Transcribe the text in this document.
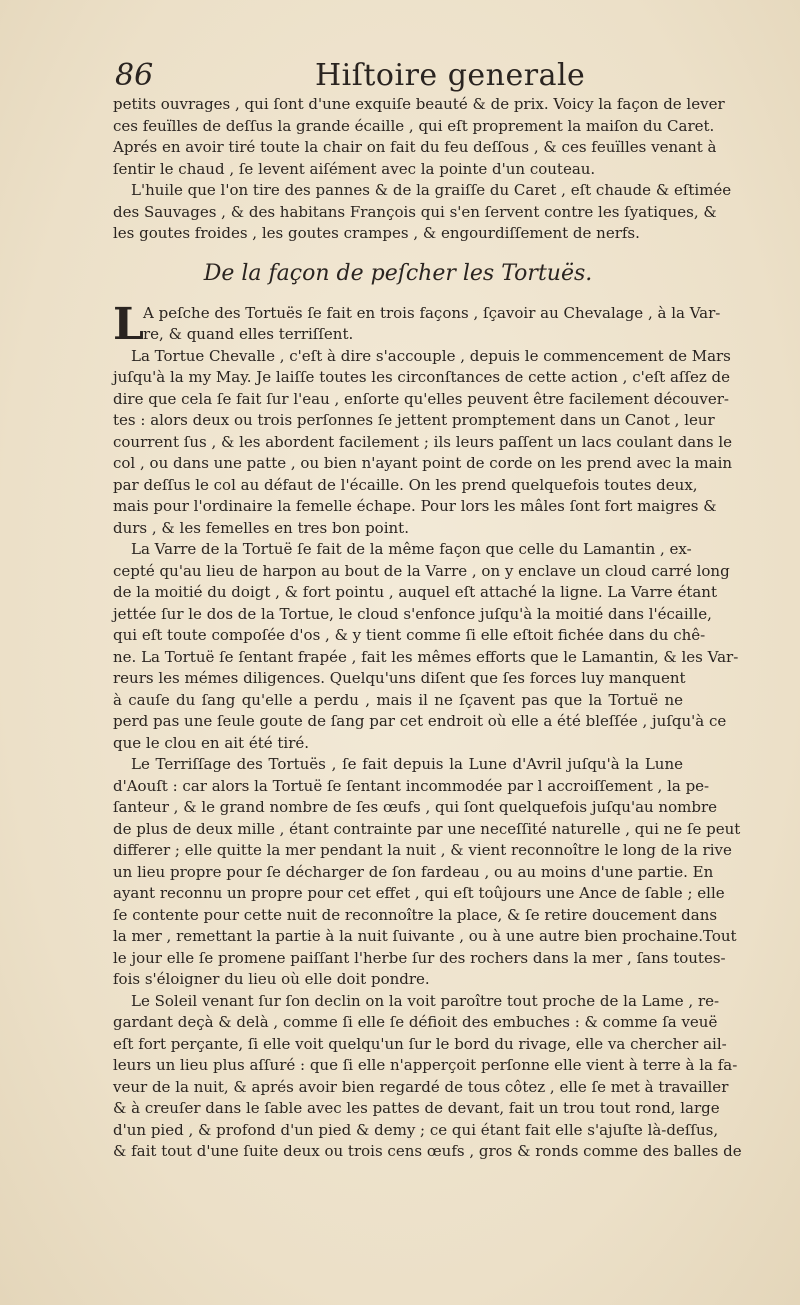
86	Hiſtoire generale
petits ouvrages , qui ſont d'une exquiſe beauté & de prix. Voicy la façon de lever
ces feuïlles de deſſus la grande écaille , qui eſt proprement la maiſon du Caret.
Aprés en avoir tiré toute la chair on fait du feu deſſous , & ces feuïlles venant à
ſentir le chaud , ſe levent aiſément avec la pointe d'un couteau.
L'huile que l'on tire des pannes & de la graiſſe du Caret , eſt chaude & eſtimée
des Sauvages , & des habitans François qui s'en ſervent contre les ſyatiques, &
les goutes froides , les goutes crampes , & engourdiſſement de nerfs.
De la façon de peſcher les Tortuës.
L A peſche des Tortuës ſe fait en trois façons , ſçavoir au Chevalage , à la Var-
re, & quand elles terriſſent.
La Tortue Chevalle , c'eſt à dire s'accouple , depuis le commencement de Mars
juſqu'à la my May. Je laiſſe toutes les circonſtances de cette action , c'eſt aſſez de
dire que cela ſe fait ſur l'eau , enſorte qu'elles peuvent être facilement découver-
tes : alors deux ou trois perſonnes ſe jettent promptement dans un Canot , leur
courrent ſus , & les abordent facilement ; ils leurs paſſent un lacs coulant dans le
col , ou dans une patte , ou bien n'ayant point de corde on les prend avec la main
par deſſus le col au défaut de l'écaille. On les prend quelquefois toutes deux,
mais pour l'ordinaire la femelle échape. Pour lors les mâles ſont fort maigres &
durs , & les femelles en tres bon point.
La Varre de la Tortuë ſe fait de la même façon que celle du Lamantin , ex-
cepté qu'au lieu de harpon au bout de la Varre , on y enclave un cloud carré long
de la moitié du doigt , & fort pointu , auquel eſt attaché la ligne. La Varre étant
jettée ſur le dos de la Tortue, le cloud s'enfonce juſqu'à la moitié dans l'écaille,
qui eſt toute compoſée d'os , & y tient comme ſi elle eſtoit fichée dans du chê-
ne. La Tortuë ſe ſentant frapée , fait les mêmes efforts que le Lamantin, & les Var-
reurs les mémes diligences. Quelqu'uns diſent que ſes forces luy manquent
à cauſe du ſang qu'elle a perdu , mais il ne ſçavent pas que la Tortuë ne
perd pas une ſeule goute de ſang par cet endroit où elle a été bleſſée , juſqu'à ce
que le clou en ait été tiré.
Le Terriſſage des Tortuës , ſe fait depuis la Lune d'Avril juſqu'à la Lune
d'Aouſt : car alors la Tortuë ſe ſentant incommodée par l accroiſſement , la pe-
ſanteur , & le grand nombre de ſes œufs , qui ſont quelquefois juſqu'au nombre
de plus de deux mille , étant contrainte par une neceſſité naturelle , qui ne ſe peut
differer ; elle quitte la mer pendant la nuit , & vient reconnoître le long de la rive
un lieu propre pour ſe décharger de ſon fardeau , ou au moins d'une partie. En
ayant reconnu un propre pour cet effet , qui eſt toûjours une Ance de ſable ; elle
ſe contente pour cette nuit de reconnoître la place, & ſe retire doucement dans
la mer , remettant la partie à la nuit ſuivante , ou à une autre bien prochaine.Tout
le jour elle ſe promene paiſſant l'herbe ſur des rochers dans la mer , ſans toutes-
fois s'éloigner du lieu où elle doit pondre.
Le Soleil venant ſur ſon declin on la voit paroître tout proche de la Lame , re-
gardant deçà & delà , comme ſi elle ſe défioit des embuches : & comme ſa veuë
eſt fort perçante, ſi elle voit quelqu'un ſur le bord du rivage, elle va chercher ail-
leurs un lieu plus aſſuré : que ſi elle n'apperçoit perſonne elle vient à terre à la fa-
veur de la nuit, & aprés avoir bien regardé de tous côtez , elle ſe met à travailler
& à creuſer dans le ſable avec les pattes de devant, fait un trou tout rond, large
d'un pied , & profond d'un pied & demy ; ce qui étant fait elle s'ajuſte là-deſſus,
& fait tout d'une ſuite deux ou trois cens œufs , gros & ronds comme des balles de
